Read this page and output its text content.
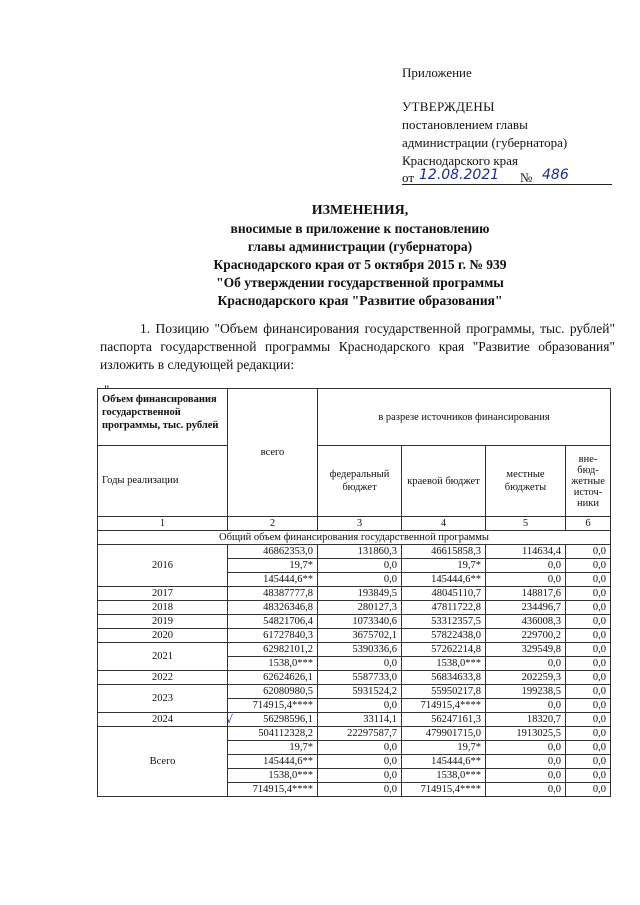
Приложение
УТВЕРЖДЕНЫ
постановлением главы
администрации (губернатора)
Краснодарского края
от 12.08.2021 № 486
ИЗМЕНЕНИЯ,
вносимые в приложение к постановлению
главы администрации (губернатора)
Краснодарского края от 5 октября 2015 г. № 939
"Об утверждении государственной программы
Краснодарского края "Развитие образования"
1. Позицию "Объем финансирования государственной программы, тыс. рублей" паспорта государственной программы Краснодарского края "Развитие образования" изложить в следующей редакции:
"
Объем финансирования государственной программы, тыс. рублей	всего	в разрезе источников финансирования			
Годы реализации		федеральный бюджет	краевой бюджет	местные бюджеты	внебюджетные источники
1	2	3	4	5	6
Общий объем финансирования государственной программы					
2016	46862353,0	131860,3	46615858,3	114634,4	0,0
	19,7*	0,0	19,7*	0,0	0,0
	145444,6**	0,0	145444,6**	0,0	0,0
2017	48387777,8	193849,5	48045110,7	148817,6	0,0
2018	48326346,8	280127,3	47811722,8	234496,7	0,0
2019	54821706,4	1073340,6	53312357,5	436008,3	0,0
2020	61727840,3	3675702,1	57822438,0	229700,2	0,0
2021	62982101,2	5390336,6	57262214,8	329549,8	0,0
	1538,0***	0,0	1538,0***	0,0	0,0
2022	62624626,1	5587733,0	56834633,8	202259,3	0,0
2023	62080980,5	5931524,2	55950217,8	199238,5	0,0
	714915,4****	0,0	714915,4****	0,0	0,0
2024 √	56298596,1	33114,1	56247161,3	18320,7	0,0
Всего	504112328,2	22297587,7	479901715,0	1913025,5	0,0
	19,7*	0,0	19,7*	0,0	0,0
	145444,6**	0,0	145444,6**	0,0	0,0
	1538,0***	0,0	1538,0***	0,0	0,0
	714915,4****	0,0	714915,4****	0,0	0,0
